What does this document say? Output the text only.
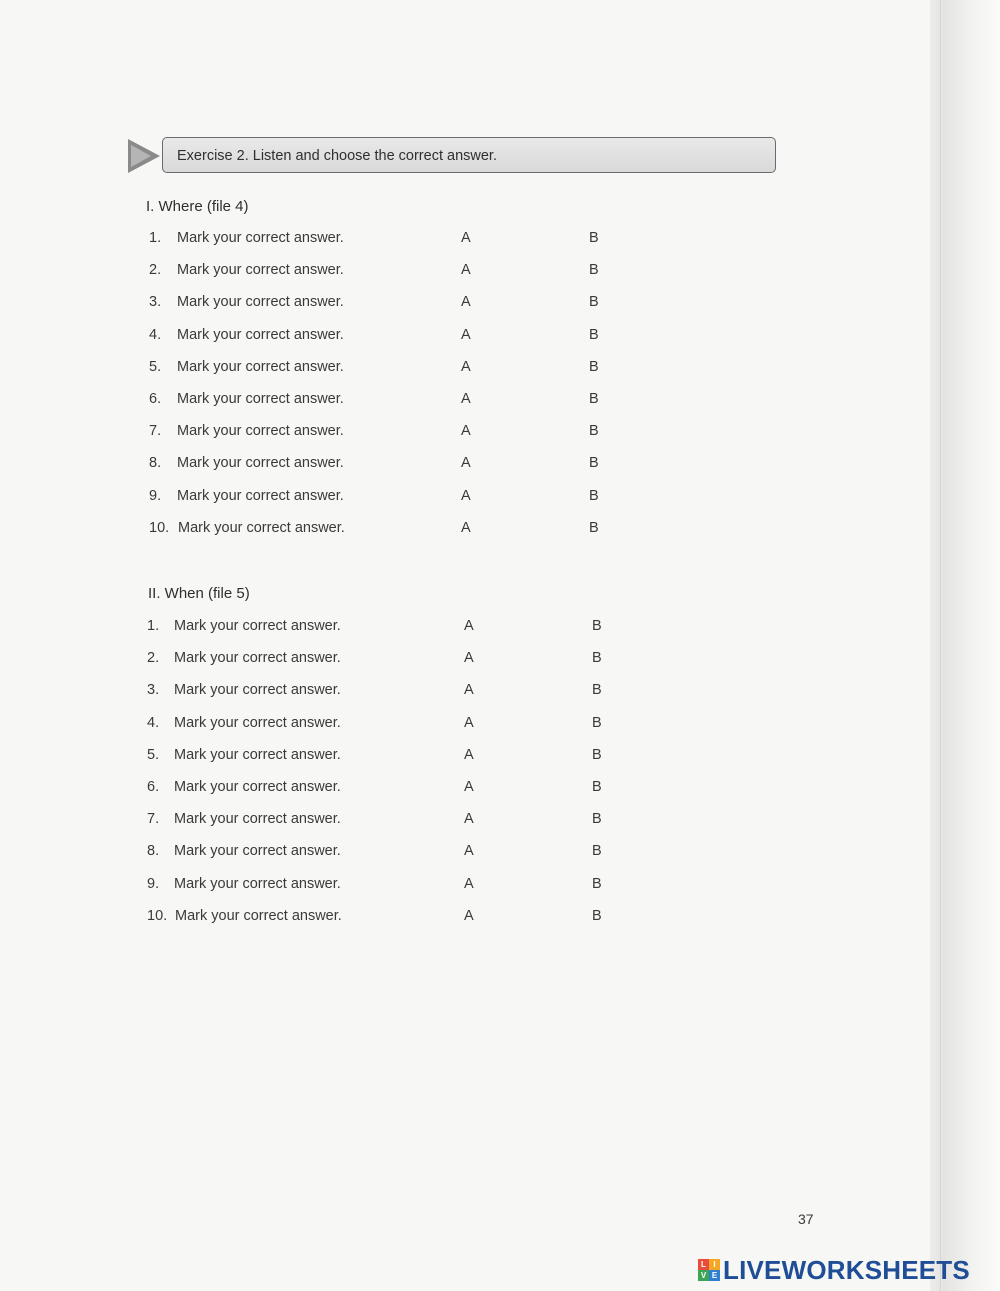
Exercise 2. Listen and choose the correct answer.
I. Where (file 4)
1. Mark your correct answer.	A	B
2. Mark your correct answer.	A	B
3. Mark your correct answer.	A	B
4. Mark your correct answer.	A	B
5. Mark your correct answer.	A	B
6. Mark your correct answer.	A	B
7. Mark your correct answer.	A	B
8. Mark your correct answer.	A	B
9. Mark your correct answer.	A	B
10. Mark your correct answer.	A	B
II. When (file 5)
1. Mark your correct answer.	A	B
2. Mark your correct answer.	A	B
3. Mark your correct answer.	A	B
4. Mark your correct answer.	A	B
5. Mark your correct answer.	A	B
6. Mark your correct answer.	A	B
7. Mark your correct answer.	A	B
8. Mark your correct answer.	A	B
9. Mark your correct answer.	A	B
10. Mark your correct answer.	A	B
37
L I
V E LIVEWORKSHEETS
